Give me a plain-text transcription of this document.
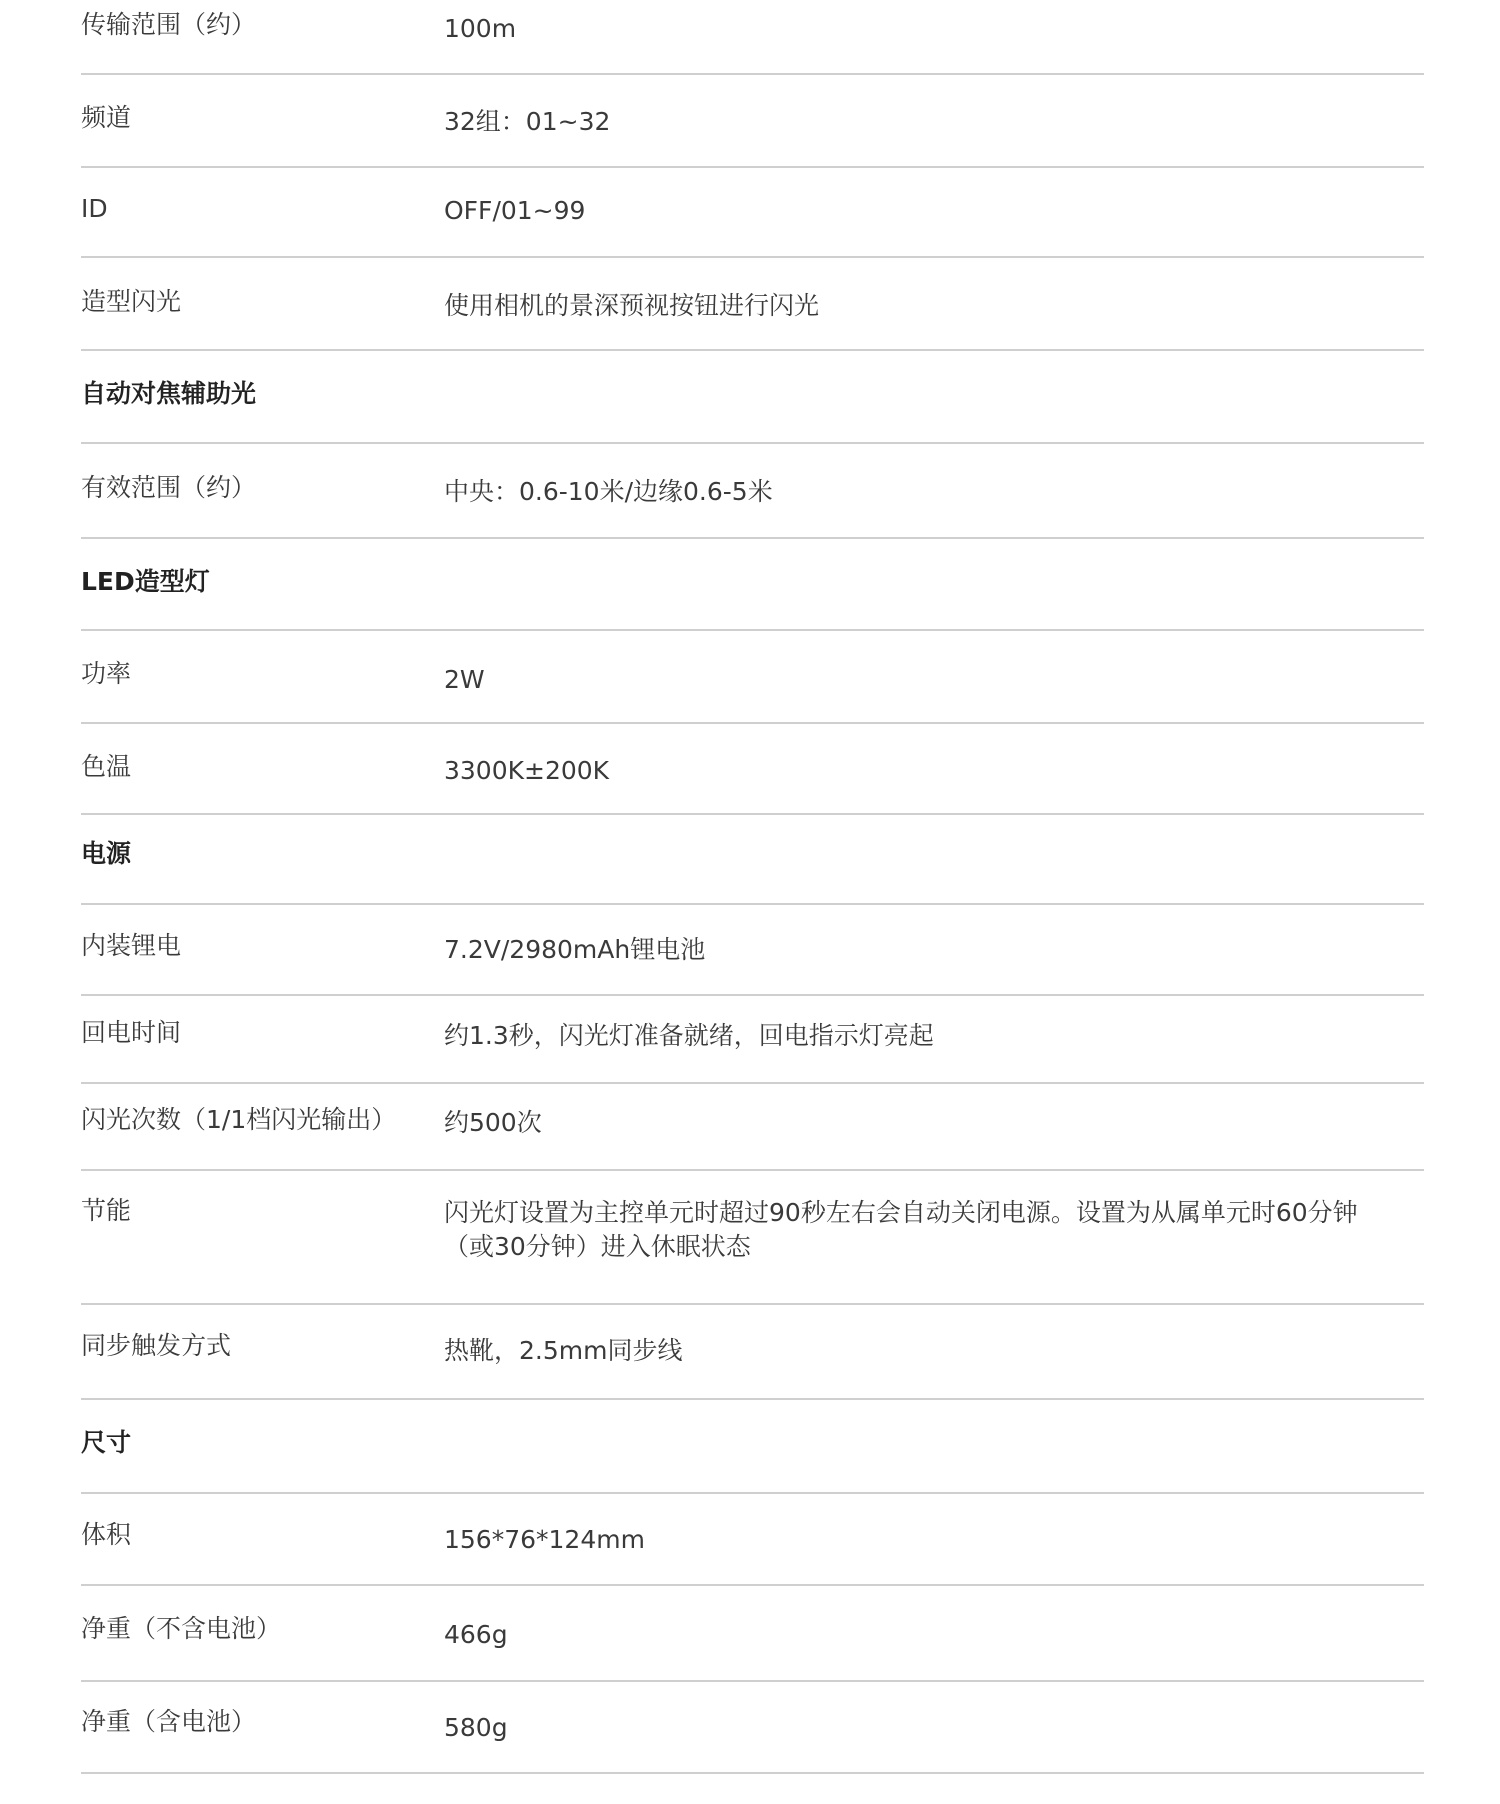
传输范围（约）	100m
频道	32组：01~32
ID	OFF/01~99
造型闪光	使用相机的景深预视按钮进行闪光
自动对焦辅助光
有效范围（约）	中央：0.6-10米/边缘0.6-5米
LED造型灯
功率	2W
色温	3300K±200K
电源
内装锂电	7.2V/2980mAh锂电池
回电时间	约1.3秒，闪光灯准备就绪，回电指示灯亮起
闪光次数（1/1档闪光输出） 约500次
节能	闪光灯设置为主控单元时超过90秒左右会自动关闭电源。设置为从属单元时60分钟（或30分钟）进入休眠状态
同步触发方式	热靴，2.5mm同步线
尺寸
体积	156*76*124mm
净重（不含电池）	466g
净重（含电池）	580g
